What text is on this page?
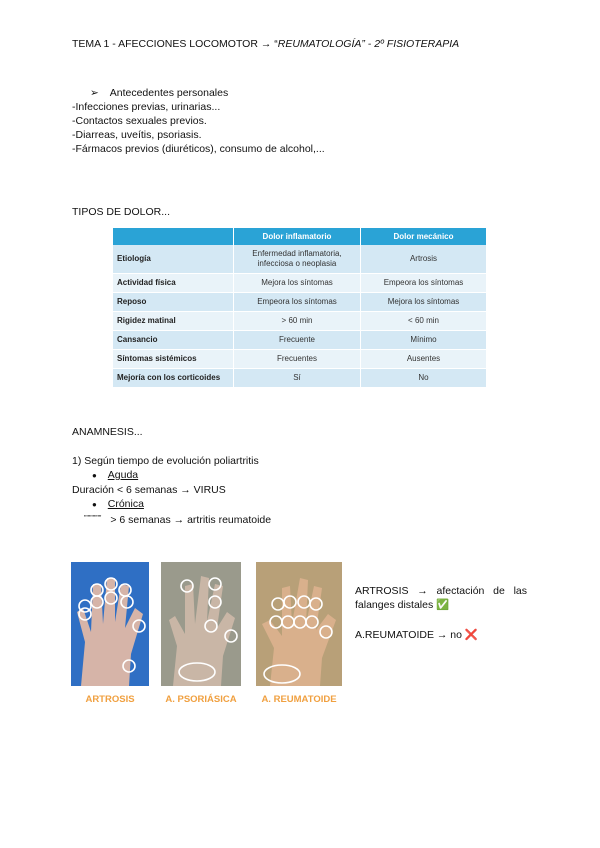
TEMA 1 - AFECCIONES LOCOMOTOR → “REUMATOLOGÍA” - 2º FISIOTERAPIA
➢ Antecedentes personales
-Infecciones previas, urinarias...
-Contactos sexuales previos.
-Diarreas, uveítis, psoriasis.
-Fármacos previos (diuréticos), consumo de alcohol,...
TIPOS DE DOLOR...
	Dolor inflamatorio	Dolor mecánico
Etiología	Enfermedad inflamatoria, infecciosa o neoplasia	Artrosis
Actividad física	Mejora los síntomas	Empeora los síntomas
Reposo	Empeora los síntomas	Mejora los síntomas
Rigidez matinal	> 60 min	< 60 min
Cansancio	Frecuente	Mínimo
Síntomas sistémicos	Frecuentes	Ausentes
Mejoría con los corticoides	Sí	No
ANAMNESIS...
1) Según tiempo de evolución poliartritis
● Aguda
Duración < 6 semanas → VIRUS
● Crónica
""""""" > 6 semanas → artritis reumatoide
ARTROSIS	A. PSORIÁSICA	A. REUMATOIDE
ARTROSIS → afectación de las falanges distales ✅
A.REUMATOIDE → no ❌
